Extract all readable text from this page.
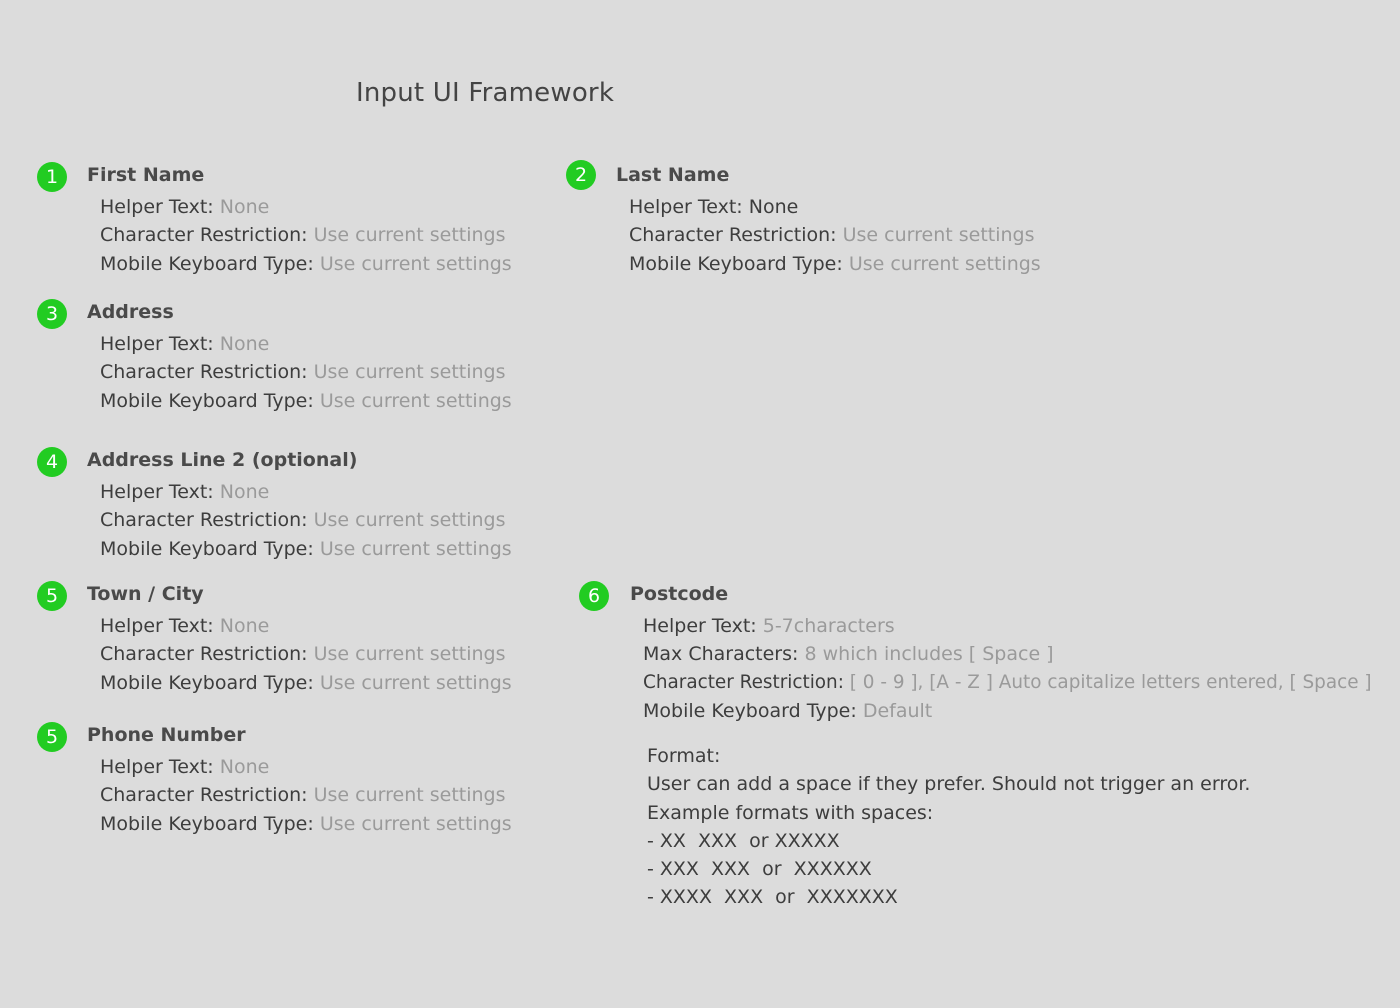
Input UI Framework
1	First Name
Helper Text: None
Character Restriction: Use current settings
Mobile Keyboard Type: Use current settings
2	Last Name
Helper Text: None
Character Restriction: Use current settings
Mobile Keyboard Type: Use current settings
3	Address
Helper Text: None
Character Restriction: Use current settings
Mobile Keyboard Type: Use current settings
4	Address Line 2 (optional)
Helper Text: None
Character Restriction: Use current settings
Mobile Keyboard Type: Use current settings
5	Town / City
Helper Text: None
Character Restriction: Use current settings
Mobile Keyboard Type: Use current settings
5	Phone Number
Helper Text: None
Character Restriction: Use current settings
Mobile Keyboard Type: Use current settings
6	Postcode
Helper Text: 5-7characters
Max Characters: 8 which includes [ Space ]
Character Restriction: [ 0 - 9 ], [A - Z ] Auto capitalize letters entered, [ Space ]
Mobile Keyboard Type: Default
Format:
User can add a space if they prefer. Should not trigger an error.
Example formats with spaces:
- XX  XXX  or XXXXX
- XXX  XXX  or  XXXXXX
- XXXX  XXX  or  XXXXXXX
